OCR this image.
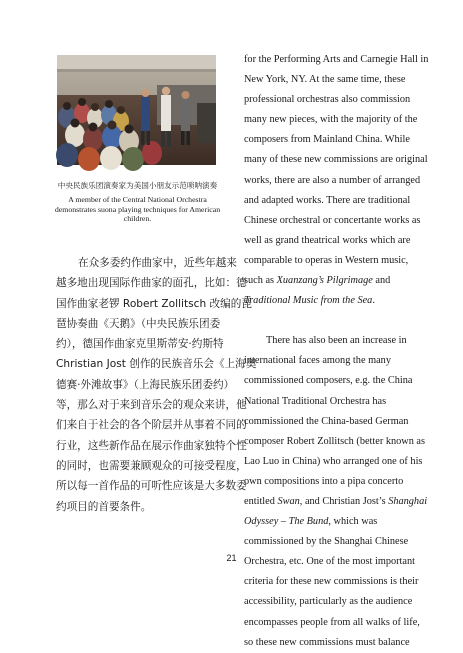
中央民族乐团演奏家为美国小朋友示范唢呐演奏
A member of the Central National Orchestra
demonstrates suona playing techniques for American
children.
在众多委约作曲家中，近些年越来
越多地出现国际作曲家的面孔，比如：德
国作曲家老锣 Robert Zollitsch 改编的琵
琶协奏曲《天鹅》（中央民族乐团委
约），德国作曲家克里斯蒂安·约斯特
Christian Jost 创作的民族音乐会《上海奥
德赛·外滩故事》（上海民族乐团委约）
等，那么对于来到音乐会的观众来讲，他
们来自于社会的各个阶层并从事着不同的
行业，这些新作品在展示作曲家独特个性
的同时，也需要兼顾观众的可接受程度，
所以每一首作品的可听性应该是大多数委
约项目的首要条件。
for the Performing Arts and Carnegie Hall in
New York, NY. At the same time, these
professional orchestras also commission
many new pieces, with the majority of the
composers from Mainland China. While
many of these new commissions are original
works, there are also a number of arranged
and adapted works. There are traditional
Chinese orchestral or concertante works as
well as grand theatrical works which are
comparable to operas in Western music,
such as Xuanzang’s Pilgrimage and
Traditional Music from the Sea.
There has also been an increase in
international faces among the many
commissioned composers, e.g. the China
National Traditional Orchestra has
commissioned the China-based German
composer Robert Zollitsch (better known as
Lao Luo in China) who arranged one of his
own compositions into a pipa concerto
entitled Swan, and Christian Jost’s Shanghai
Odyssey – The Bund, which was
commissioned by the Shanghai Chinese
Orchestra, etc. One of the most important
criteria for these new commissions is their
accessibility, particularly as the audience
encompasses people from all walks of life,
so these new commissions must balance
21
